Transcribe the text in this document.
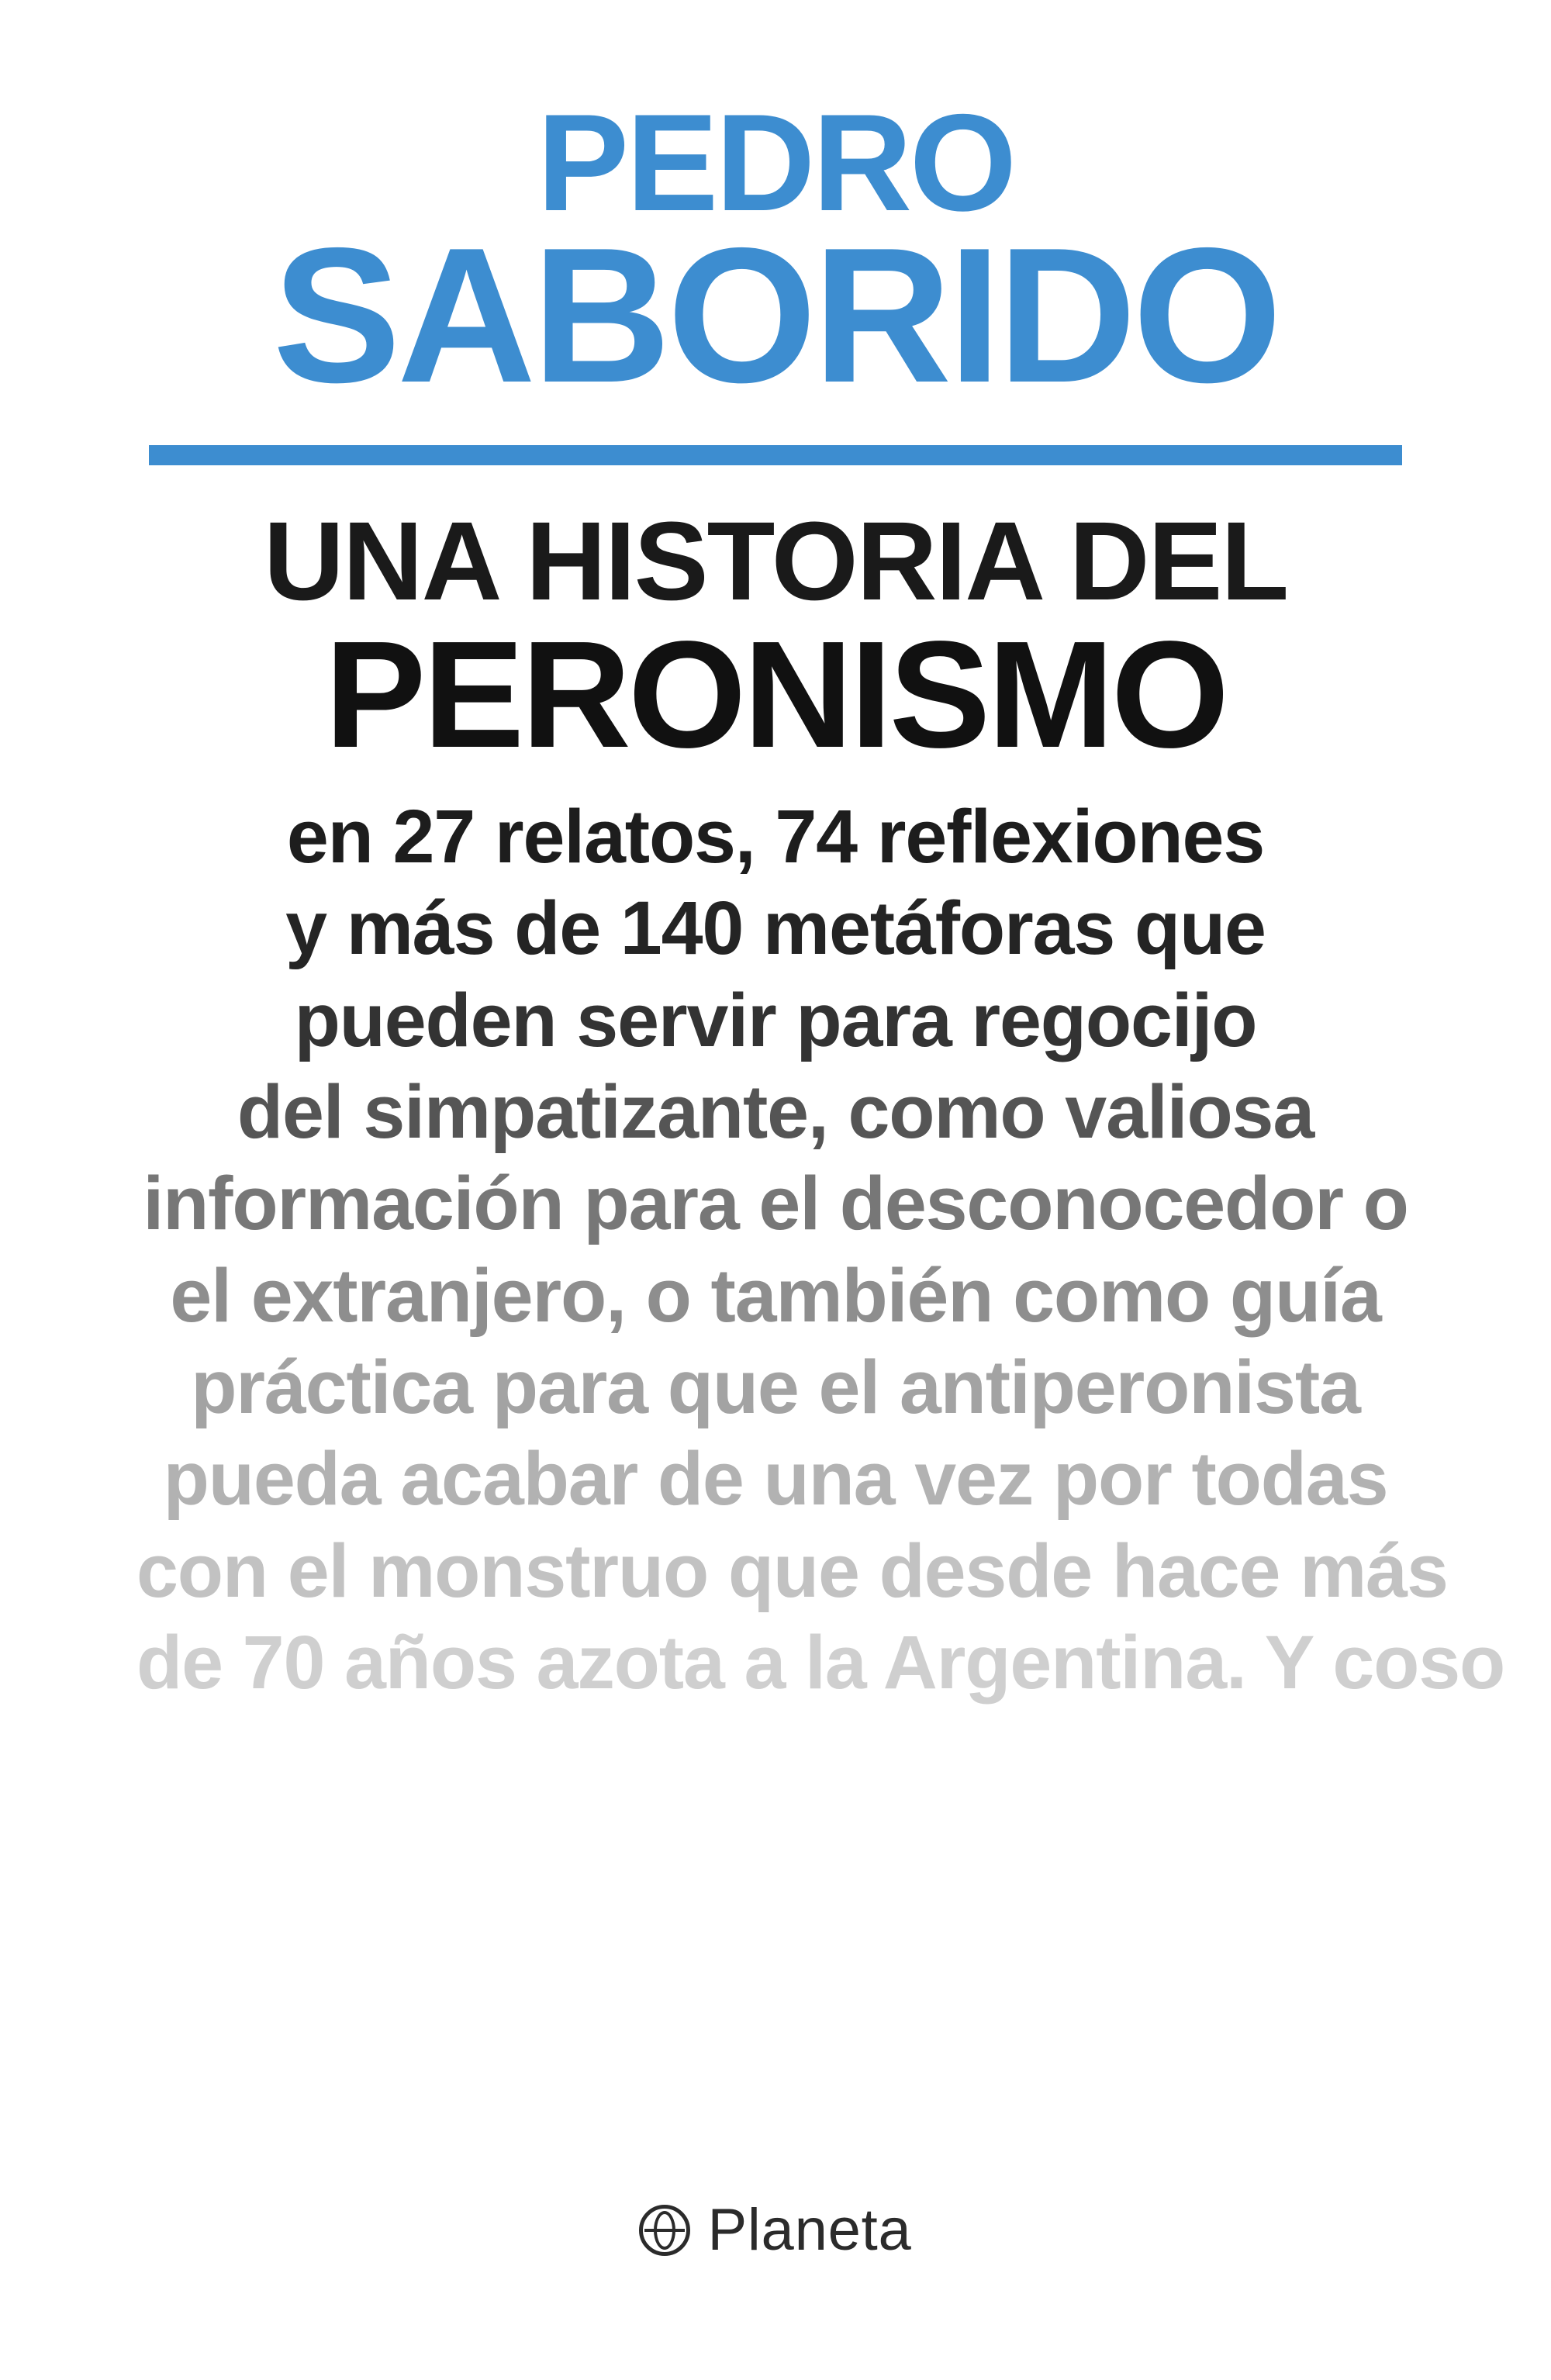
PEDRO
SABORIDO
UNA HISTORIA DEL
PERONISMO
en 27 relatos, 74 reflexiones
y más de 140 metáforas que
pueden servir para regocijo
del simpatizante, como valiosa
información para el desconocedor o
el extranjero, o también como guía
práctica para que el antiperonista
pueda acabar de una vez por todas
con el monstruo que desde hace más
de 70 años azota a la Argentina. Y coso
Planeta
